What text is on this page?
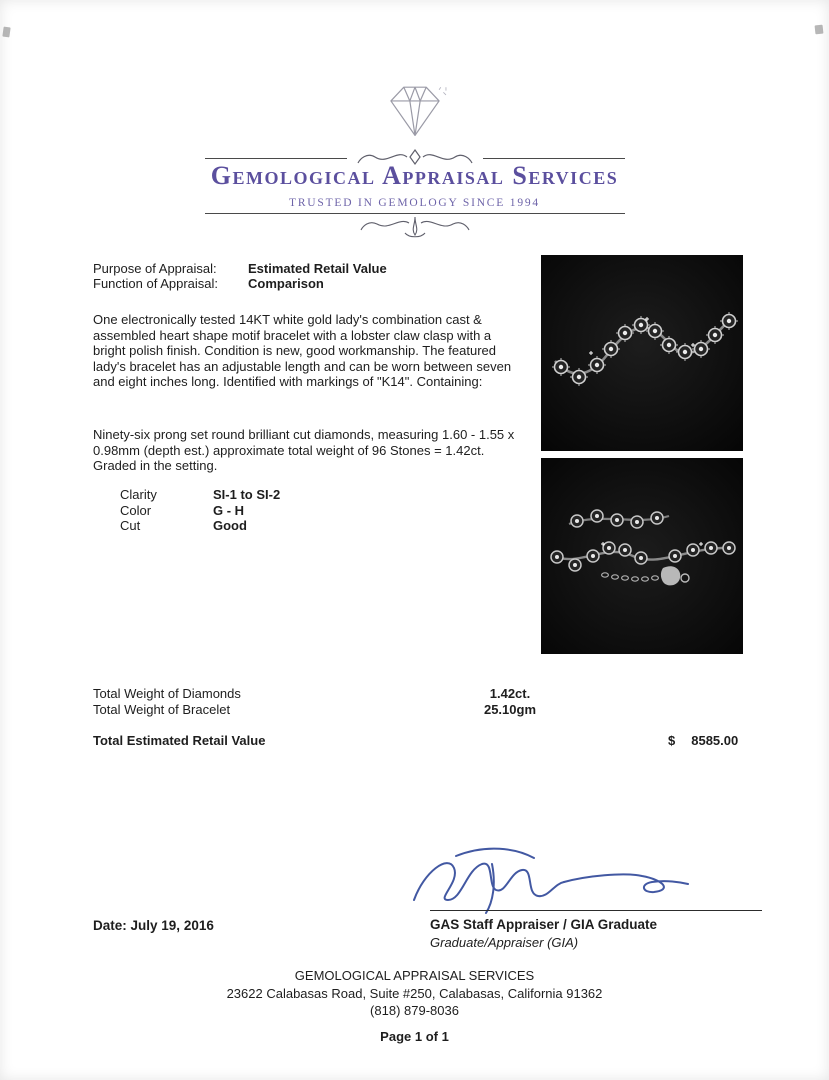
Gemological Appraisal Services
TRUSTED IN GEMOLOGY SINCE 1994
Purpose of Appraisal: Estimated Retail Value
Function of Appraisal: Comparison
One electronically tested 14KT white gold lady's combination cast & assembled heart shape motif bracelet with a lobster claw clasp with a bright polish finish. Condition is new, good workmanship. The featured lady's bracelet has an adjustable length and can be worn between seven and eight inches long. Identified with markings of "K14". Containing:
Ninety-six prong set round brilliant cut diamonds, measuring 1.60 - 1.55 x 0.98mm (depth est.) approximate total weight of 96 Stones = 1.42ct. Graded in the setting.
Clarity	SI-1 to SI-2
Color	G - H
Cut	Good
Total Weight of Diamonds	1.42ct.
Total Weight of Bracelet	25.10gm
Total Estimated Retail Value	$ 8585.00
Date: July 19, 2016	GAS Staff Appraiser / GIA Graduate
Graduate/Appraiser (GIA)
GEMOLOGICAL APPRAISAL SERVICES
23622 Calabasas Road, Suite #250, Calabasas, California 91362
(818) 879-8036
Page 1 of 1
